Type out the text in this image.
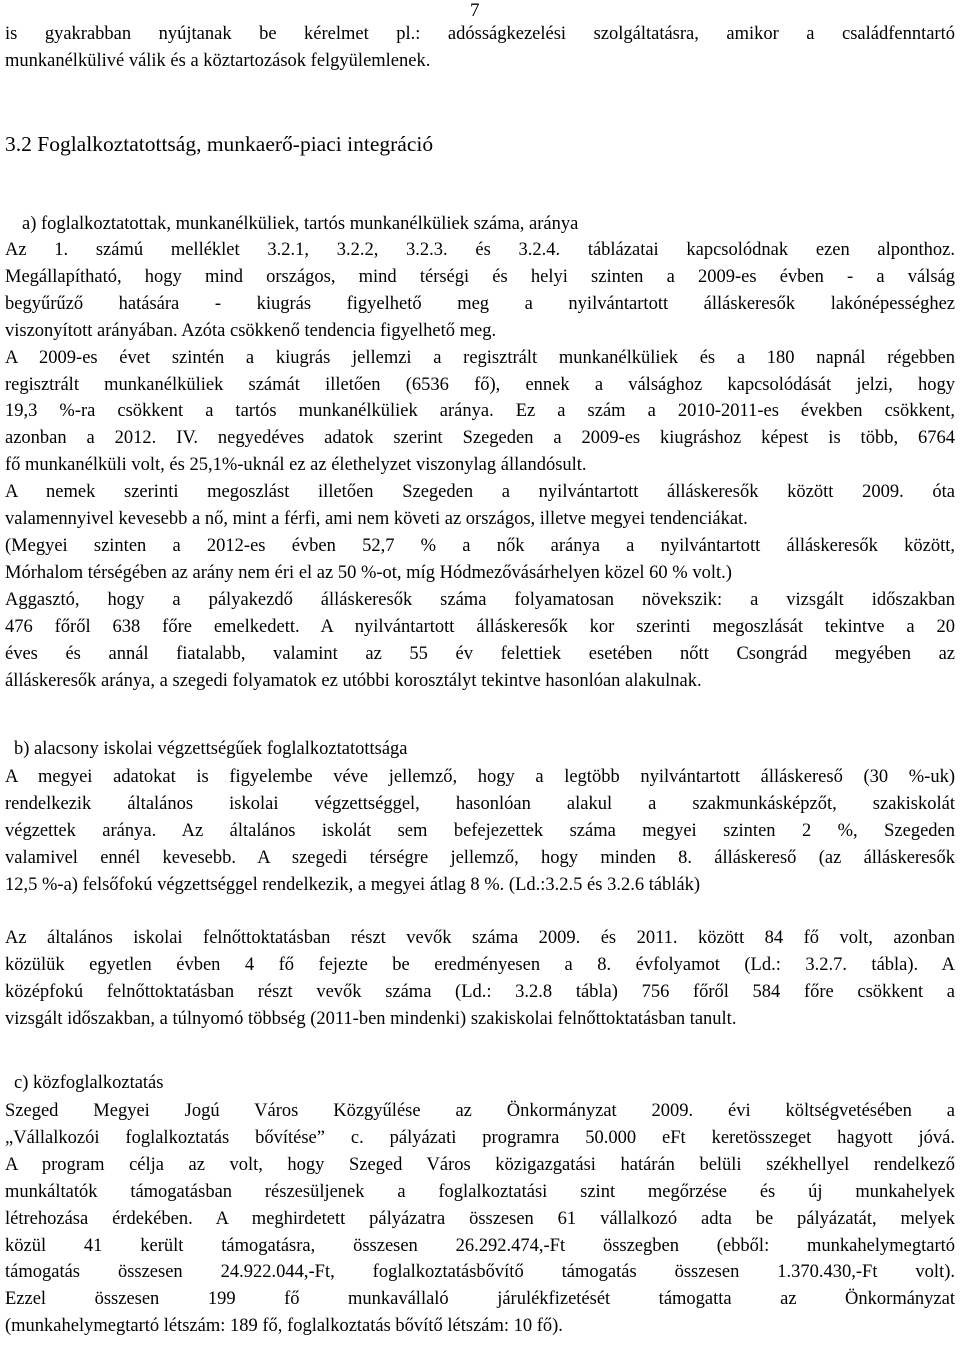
7
is gyakrabban nyújtanak be kérelmet pl.: adósságkezelési szolgáltatásra, amikor a családfenntartó
munkanélkülivé válik és a köztartozások felgyülemlenek.
3.2 Foglalkoztatottság, munkaerő-piaci integráció
a) foglalkoztatottak, munkanélküliek, tartós munkanélküliek száma, aránya
Az 1. számú melléklet 3.2.1, 3.2.2, 3.2.3. és 3.2.4. táblázatai kapcsolódnak ezen alponthoz.
Megállapítható, hogy mind országos, mind térségi és helyi szinten a 2009-es évben - a válság
begyűrűző hatására - kiugrás figyelhető meg a nyilvántartott álláskeresők lakónépességhez
viszonyított arányában. Azóta csökkenő tendencia figyelhető meg.
A 2009-es évet szintén a kiugrás jellemzi a regisztrált munkanélküliek és a 180 napnál régebben
regisztrált munkanélküliek számát illetően (6536 fő), ennek a válsághoz kapcsolódását jelzi, hogy
19,3 %-ra csökkent a tartós munkanélküliek aránya. Ez a szám a 2010-2011-es években csökkent,
azonban a 2012. IV. negyedéves adatok szerint Szegeden a 2009-es kiugráshoz képest is több, 6764
fő munkanélküli volt, és 25,1%-uknál ez az élethelyzet viszonylag állandósult.
A nemek szerinti megoszlást illetően Szegeden a nyilvántartott álláskeresők között 2009. óta
valamennyivel kevesebb a nő, mint a férfi, ami nem követi az országos, illetve megyei tendenciákat.
(Megyei szinten a 2012-es évben 52,7 % a nők aránya a nyilvántartott álláskeresők között,
Mórhalom térségében az arány nem éri el az 50 %-ot, míg Hódmezővásárhelyen közel 60 % volt.)
Aggasztó, hogy a pályakezdő álláskeresők száma folyamatosan növekszik: a vizsgált időszakban
476 főről 638 főre emelkedett. A nyilvántartott álláskeresők kor szerinti megoszlását tekintve a 20
éves és annál fiatalabb, valamint az 55 év felettiek esetében nőtt Csongrád megyében az
álláskeresők aránya, a szegedi folyamatok ez utóbbi korosztályt tekintve hasonlóan alakulnak.
b) alacsony iskolai végzettségűek foglalkoztatottsága
A megyei adatokat is figyelembe véve jellemző, hogy a legtöbb nyilvántartott álláskereső (30 %-uk)
rendelkezik általános iskolai végzettséggel, hasonlóan alakul a szakmunkásképzőt, szakiskolát
végzettek aránya. Az általános iskolát sem befejezettek száma megyei szinten 2 %, Szegeden
valamivel ennél kevesebb. A szegedi térségre jellemző, hogy minden 8. álláskereső (az álláskeresők
12,5 %-a) felsőfokú végzettséggel rendelkezik, a megyei átlag 8 %. (Ld.:3.2.5 és 3.2.6 táblák)
Az általános iskolai felnőttoktatásban részt vevők száma 2009. és 2011. között 84 fő volt, azonban
közülük egyetlen évben 4 fő fejezte be eredményesen a 8. évfolyamot (Ld.: 3.2.7. tábla). A
középfokú felnőttoktatásban részt vevők száma (Ld.: 3.2.8 tábla) 756 főről 584 főre csökkent a
vizsgált időszakban, a túlnyomó többség (2011-ben mindenki) szakiskolai felnőttoktatásban tanult.
c) közfoglalkoztatás
Szeged Megyei Jogú Város Közgyűlése az Önkormányzat 2009. évi költségvetésében a
„Vállalkozói foglalkoztatás bővítése” c. pályázati programra 50.000 eFt keretösszeget hagyott jóvá.
A program célja az volt, hogy Szeged Város közigazgatási határán belüli székhellyel rendelkező
munkáltatók támogatásban részesüljenek a foglalkoztatási szint megőrzése és új munkahelyek
létrehozása érdekében. A meghirdetett pályázatra összesen 61 vállalkozó adta be pályázatát, melyek
közül 41 került támogatásra, összesen 26.292.474,-Ft összegben (ebből: munkahelymegtartó
támogatás összesen 24.922.044,-Ft, foglalkoztatásbővítő támogatás összesen 1.370.430,-Ft volt).
Ezzel összesen 199 fő munkavállaló járulékfizetését támogatta az Önkormányzat
(munkahelymegtartó létszám: 189 fő, foglalkoztatás bővítő létszám: 10 fő).
